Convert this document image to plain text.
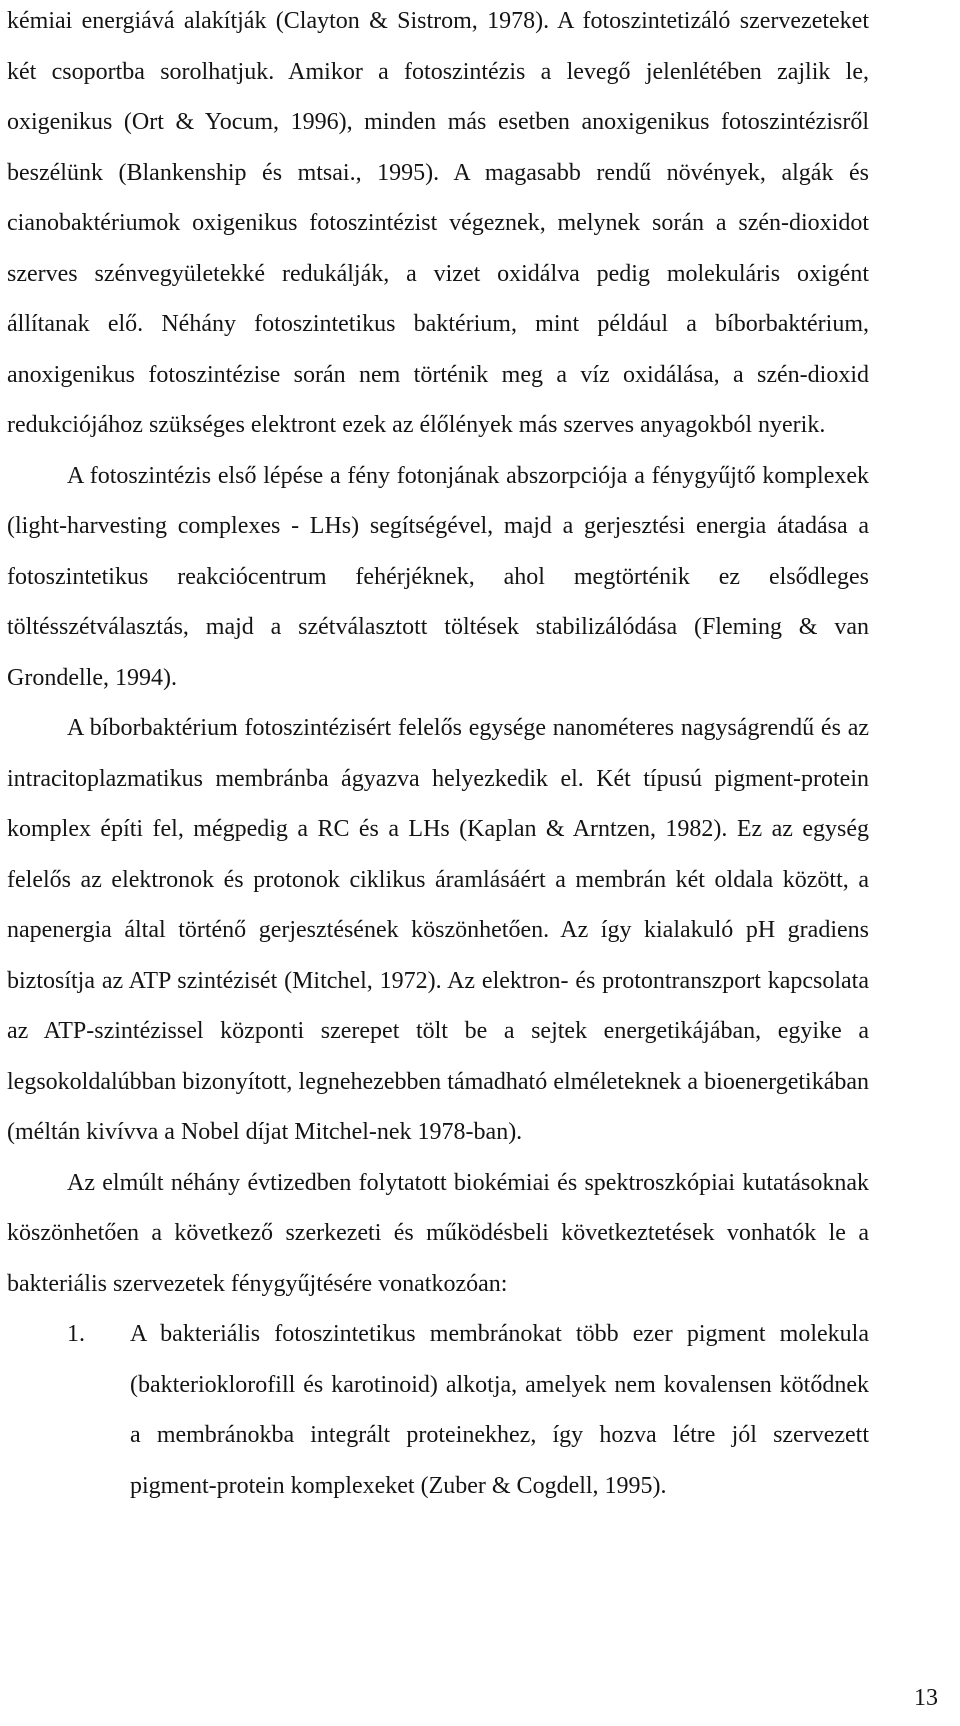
kémiai energiává alakítják (Clayton & Sistrom, 1978). A fotoszintetizáló szervezeteket két csoportba sorolhatjuk. Amikor a fotoszintézis a levegő jelenlétében zajlik le, oxigenikus (Ort & Yocum, 1996), minden más esetben anoxigenikus fotoszintézisről beszélünk (Blankenship és mtsai., 1995). A magasabb rendű növények, algák és cianobaktériumok oxigenikus fotoszintézist végeznek, melynek során a szén-dioxidot szerves szénvegyületekké redukálják, a vizet oxidálva pedig molekuláris oxigént állítanak elő. Néhány fotoszintetikus baktérium, mint például a bíborbaktérium, anoxigenikus fotoszintézise során nem történik meg a víz oxidálása, a szén-dioxid redukciójához szükséges elektront ezek az élőlények más szerves anyagokból nyerik.

A fotoszintézis első lépése a fény fotonjának abszorpciója a fénygyűjtő komplexek (light-harvesting complexes - LHs) segítségével, majd a gerjesztési energia átadása a fotoszintetikus reakciócentrum fehérjéknek, ahol megtörténik ez elsődleges töltésszétválasztás, majd a szétválasztott töltések stabilizálódása (Fleming & van Grondelle, 1994).

A bíborbaktérium fotoszintézisért felelős egysége nanométeres nagyságrendű és az intracitoplazmatikus membránba ágyazva helyezkedik el. Két típusú pigment-protein komplex építi fel, mégpedig a RC és a LHs (Kaplan & Arntzen, 1982). Ez az egység felelős az elektronok és protonok ciklikus áramlásáért a membrán két oldala között, a napenergia által történő gerjesztésének köszönhetően. Az így kialakuló pH gradiens biztosítja az ATP szintézisét (Mitchel, 1972). Az elektron- és protontranszport kapcsolata az ATP-szintézissel központi szerepet tölt be a sejtek energetikájában, egyike a legsokoldalúbban bizonyított, legnehezebben támadható elméleteknek a bioenergetikában (méltán kivívva a Nobel díjat Mitchel-nek 1978-ban).

Az elmúlt néhány évtizedben folytatott biokémiai és spektroszkópiai kutatásoknak köszönhetően a következő szerkezeti és működésbeli következtetések vonhatók le a bakteriális szervezetek fénygyűjtésére vonatkozóan:

1. A bakteriális fotoszintetikus membránokat több ezer pigment molekula (bakterioklorofill és karotinoid) alkotja, amelyek nem kovalensen kötődnek a membránokba integrált proteinekhez, így hozva létre jól szervezett pigment-protein komplexeket (Zuber & Cogdell, 1995).
13
